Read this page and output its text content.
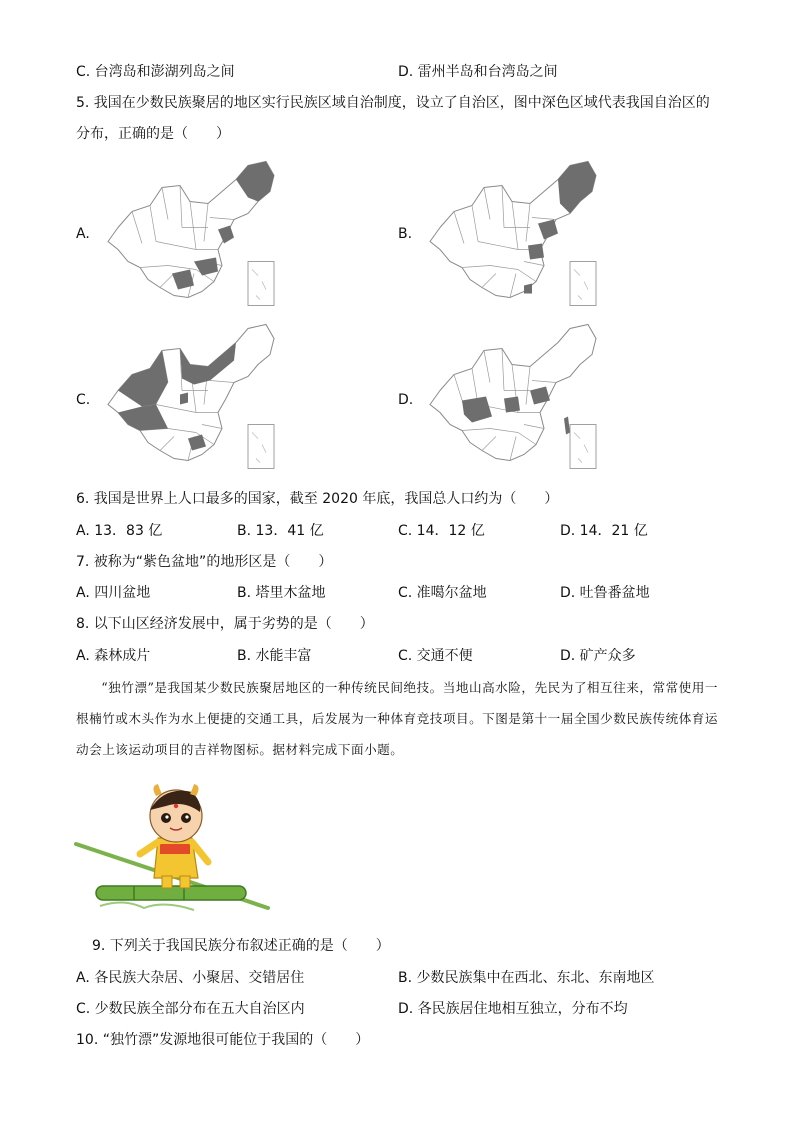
C. 台湾岛和澎湖列岛之间	D. 雷州半岛和台湾岛之间
5. 我国在少数民族聚居的地区实行民族区域自治制度，设立了自治区，图中深色区域代表我国自治区的
分布，正确的是（　　）
A.	B.
C.	D.
6. 我国是世界上人口最多的国家，截至 2020 年底，我国总人口约为（　　）
A. 13．83 亿	B. 13．41 亿	C. 14．12 亿	D. 14．21 亿
7. 被称为“紫色盆地”的地形区是（　　）
A. 四川盆地	B. 塔里木盆地	C. 准噶尔盆地	D. 吐鲁番盆地
8. 以下山区经济发展中，属于劣势的是（　　）
A. 森林成片	B. 水能丰富	C. 交通不便	D. 矿产众多
“独竹漂”是我国某少数民族聚居地区的一种传统民间绝技。当地山高水险，先民为了相互往来，常常使用一根楠竹或木头作为水上便捷的交通工具，后发展为一种体育竞技项目。下图是第十一届全国少数民族传统体育运动会上该运动项目的吉祥物图标。据材料完成下面小题。
9. 下列关于我国民族分布叙述正确的是（　　）
A. 各民族大杂居、小聚居、交错居住	B. 少数民族集中在西北、东北、东南地区
C. 少数民族全部分布在五大自治区内	D. 各民族居住地相互独立，分布不均
10. “独竹漂”发源地很可能位于我国的（　　）
